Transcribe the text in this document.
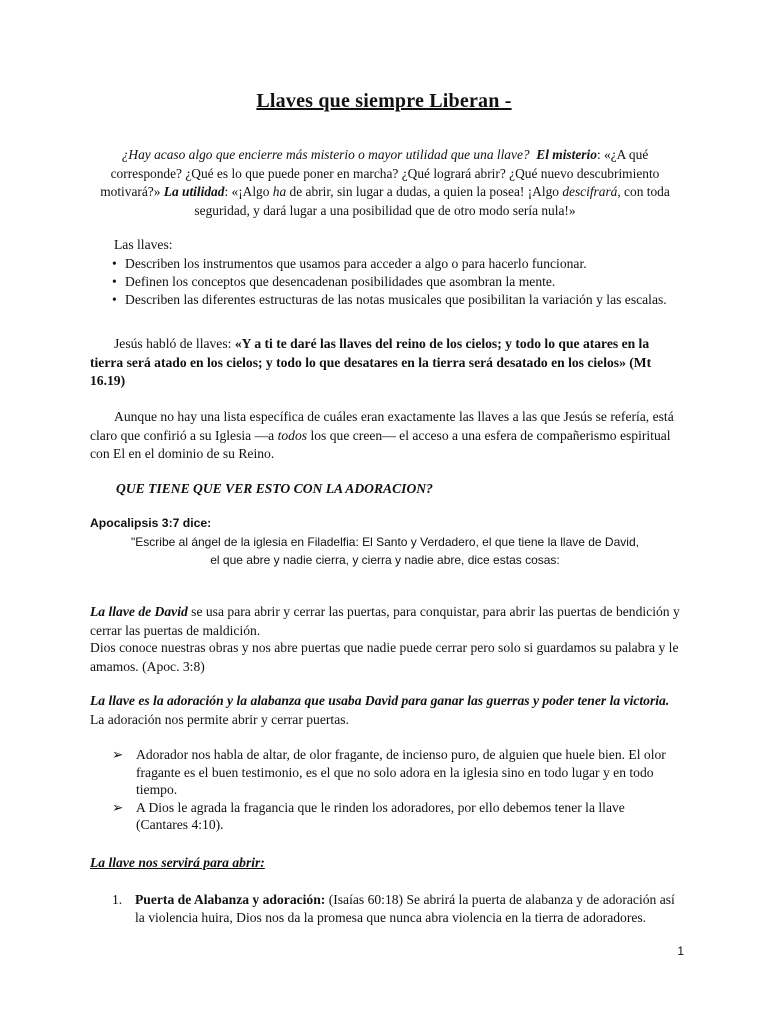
Llaves que siempre Liberan -
¿Hay acaso algo que encierre más misterio o mayor utilidad que una llave? El misterio: «¿A qué corresponde? ¿Qué es lo que puede poner en marcha? ¿Qué logrará abrir? ¿Qué nuevo descubrimiento motivará?» La utilidad: «¡Algo ha de abrir, sin lugar a dudas, a quien la posea! ¡Algo descifrará, con toda seguridad, y dará lugar a una posibilidad que de otro modo sería nula!»
Las llaves:
• Describen los instrumentos que usamos para acceder a algo o para hacerlo funcionar.
• Definen los conceptos que desencadenan posibilidades que asombran la mente.
• Describen las diferentes estructuras de las notas musicales que posibilitan la variación y las escalas.
Jesús habló de llaves: «Y a ti te daré las llaves del reino de los cielos; y todo lo que atares en la tierra será atado en los cielos; y todo lo que desatares en la tierra será desatado en los cielos» (Mt 16.19)
Aunque no hay una lista específica de cuáles eran exactamente las llaves a las que Jesús se refería, está claro que confirió a su Iglesia —a todos los que creen— el acceso a una esfera de compañerismo espiritual con El en el dominio de su Reino.
QUE TIENE QUE VER ESTO CON LA ADORACION?
Apocalipsis 3:7 dice:
"Escribe al ángel de la iglesia en Filadelfia: El Santo y Verdadero, el que tiene la llave de David,
el que abre y nadie cierra, y cierra y nadie abre, dice estas cosas:
La llave de David se usa para abrir y cerrar las puertas, para conquistar, para abrir las puertas de bendición y cerrar las puertas de maldición.
Dios conoce nuestras obras y nos abre puertas que nadie puede cerrar pero solo si guardamos su palabra y le amamos. (Apoc. 3:8)
La llave es la adoración y la alabanza que usaba David para ganar las guerras y poder tener la victoria. La adoración nos permite abrir y cerrar puertas.
➢ Adorador nos habla de altar, de olor fragante, de incienso puro, de alguien que huele bien. El olor fragante es el buen testimonio, es el que no solo adora en la iglesia sino en todo lugar y en todo tiempo.
➢ A Dios le agrada la fragancia que le rinden los adoradores, por ello debemos tener la llave (Cantares 4:10).
La llave nos servirá para abrir:
1. Puerta de Alabanza y adoración: (Isaías 60:18) Se abrirá la puerta de alabanza y de adoración así la violencia huira, Dios nos da la promesa que nunca abra violencia en la tierra de adoradores.
1
